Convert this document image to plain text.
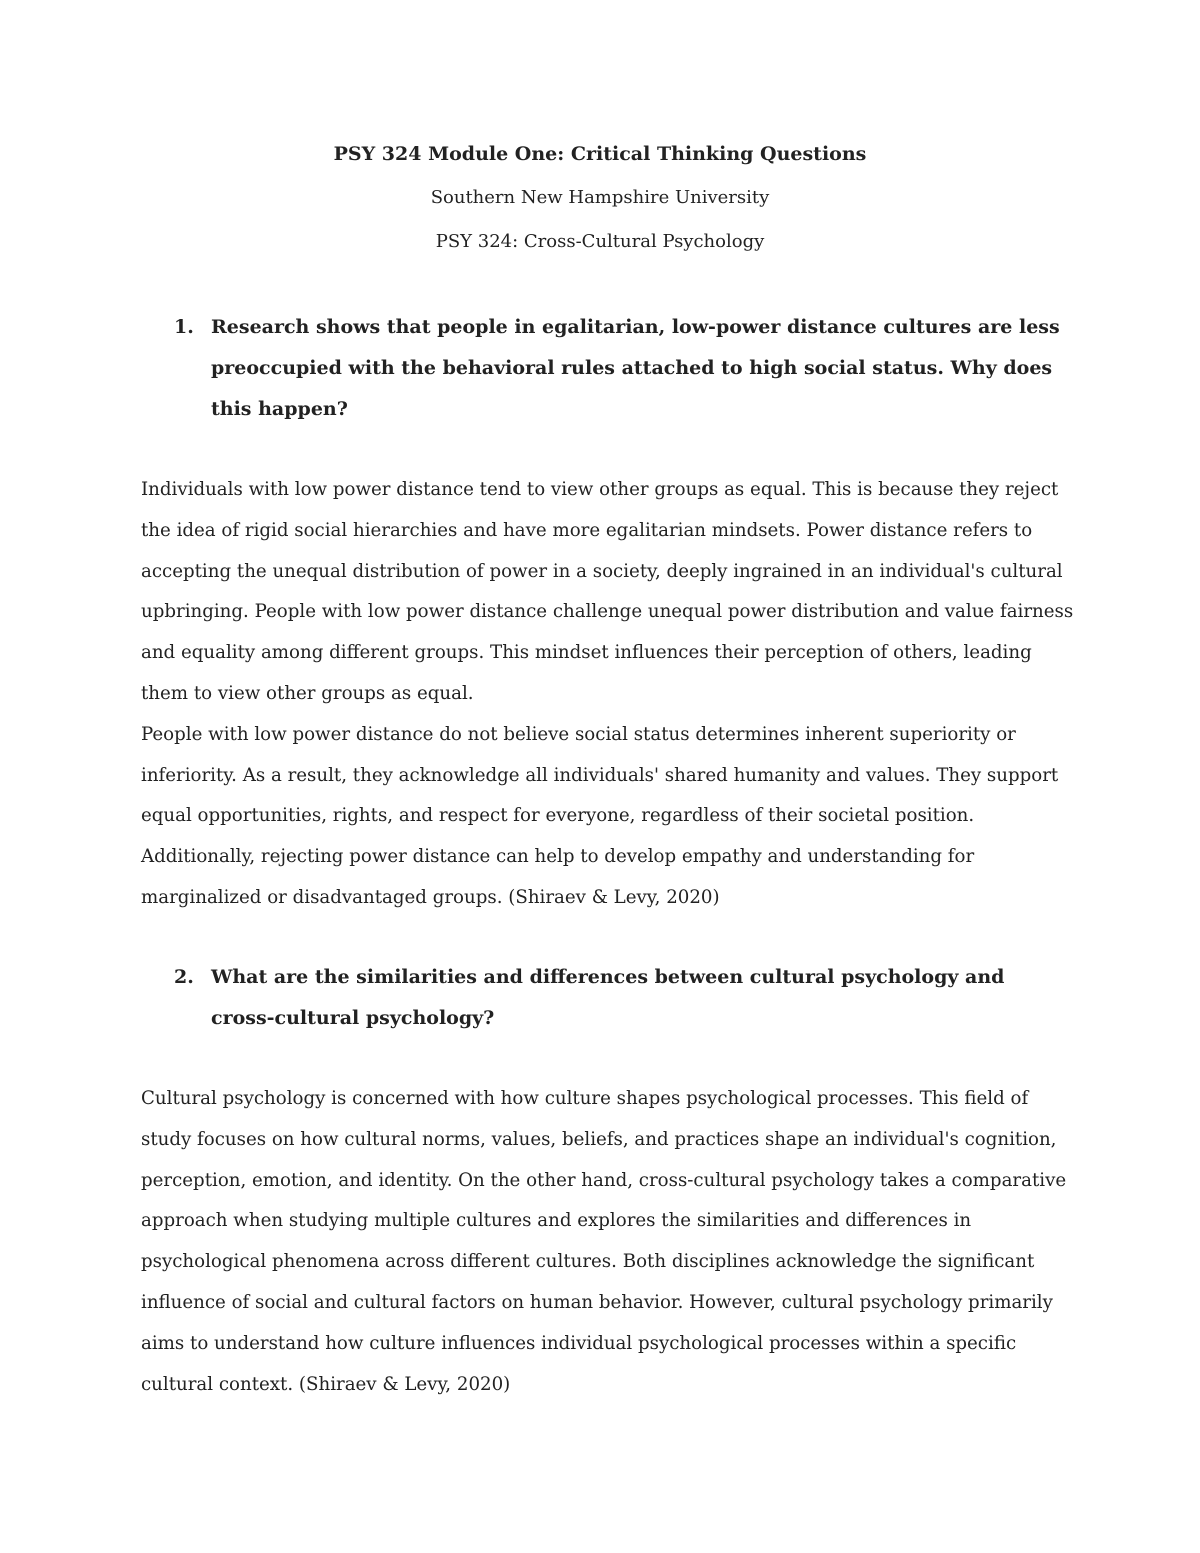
PSY 324 Module One: Critical Thinking Questions
Southern New Hampshire University
PSY 324: Cross-Cultural Psychology
1. Research shows that people in egalitarian, low-power distance cultures are less preoccupied with the behavioral rules attached to high social status. Why does this happen?

Individuals with low power distance tend to view other groups as equal. This is because they reject the idea of rigid social hierarchies and have more egalitarian mindsets. Power distance refers to accepting the unequal distribution of power in a society, deeply ingrained in an individual's cultural upbringing. People with low power distance challenge unequal power distribution and value fairness and equality among different groups. This mindset influences their perception of others, leading them to view other groups as equal.

People with low power distance do not believe social status determines inherent superiority or inferiority. As a result, they acknowledge all individuals' shared humanity and values. They support equal opportunities, rights, and respect for everyone, regardless of their societal position. Additionally, rejecting power distance can help to develop empathy and understanding for marginalized or disadvantaged groups. (Shiraev & Levy, 2020)

2. What are the similarities and differences between cultural psychology and cross-cultural psychology?

Cultural psychology is concerned with how culture shapes psychological processes. This field of study focuses on how cultural norms, values, beliefs, and practices shape an individual's cognition, perception, emotion, and identity. On the other hand, cross-cultural psychology takes a comparative approach when studying multiple cultures and explores the similarities and differences in psychological phenomena across different cultures. Both disciplines acknowledge the significant influence of social and cultural factors on human behavior. However, cultural psychology primarily aims to understand how culture influences individual psychological processes within a specific cultural context. (Shiraev & Levy, 2020)
